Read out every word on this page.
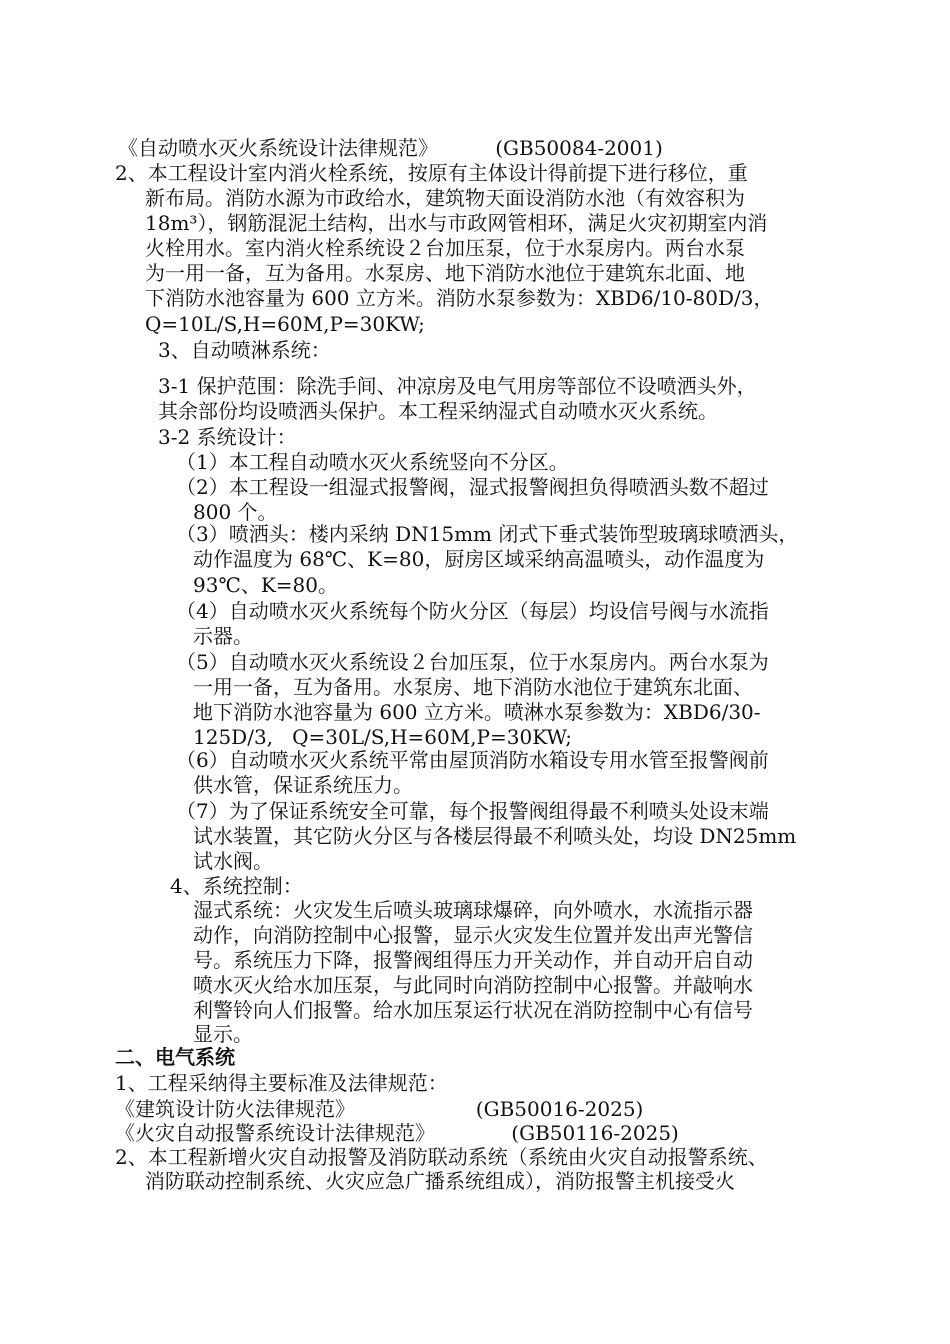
《自动喷水灭火系统设计法律规范》         (GB50084-2001)
2、本工程设计室内消火栓系统，按原有主体设计得前提下进行移位，重
新布局。消防水源为市政给水，建筑物天面设消防水池（有效容积为
18m³），钢筋混泥土结构，出水与市政网管相环，满足火灾初期室内消
火栓用水。室内消火栓系统设２台加压泵，位于水泵房内。两台水泵
为一用一备，互为备用。水泵房、地下消防水池位于建筑东北面、地
下消防水池容量为 600 立方米。消防水泵参数为：XBD6/10-80D/3，
Q=10L/S,H=60M,P=30KW;
3、自动喷淋系统：
3-1 保护范围：除洗手间、冲凉房及电气用房等部位不设喷洒头外，
其余部份均设喷洒头保护。本工程采纳湿式自动喷水灭火系统。
3-2 系统设计：
（1）本工程自动喷水灭火系统竖向不分区。
（2）本工程设一组湿式报警阀，湿式报警阀担负得喷洒头数不超过
800 个。
（3）喷洒头：楼内采纳 DN15mm 闭式下垂式装饰型玻璃球喷洒头，
动作温度为 68℃、K=80，厨房区域采纳高温喷头，动作温度为
93℃、K=80。
（4）自动喷水灭火系统每个防火分区（每层）均设信号阀与水流指
示器。
（5）自动喷水灭火系统设２台加压泵，位于水泵房内。两台水泵为
一用一备，互为备用。水泵房、地下消防水池位于建筑东北面、
地下消防水池容量为 600 立方米。喷淋水泵参数为：XBD6/30-
125D/3,   Q=30L/S,H=60M,P=30KW;
（6）自动喷水灭火系统平常由屋顶消防水箱设专用水管至报警阀前
供水管，保证系统压力。
（7）为了保证系统安全可靠，每个报警阀组得最不利喷头处设末端
试水装置，其它防火分区与各楼层得最不利喷头处，均设 DN25mm
试水阀。
4、系统控制：
湿式系统：火灾发生后喷头玻璃球爆碎，向外喷水，水流指示器
动作，向消防控制中心报警，显示火灾发生位置并发出声光警信
号。系统压力下降，报警阀组得压力开关动作，并自动开启自动
喷水灭火给水加压泵，与此同时向消防控制中心报警。并敲响水
利警铃向人们报警。给水加压泵运行状况在消防控制中心有信号
显示。
二、电气系统
1、工程采纳得主要标准及法律规范：
《建筑设计防火法律规范》                   (GB50016-2025)
《火灾自动报警系统设计法律规范》            (GB50116-2025)
2、本工程新增火灾自动报警及消防联动系统（系统由火灾自动报警系统、
消防联动控制系统、火灾应急广播系统组成），消防报警主机接受火
